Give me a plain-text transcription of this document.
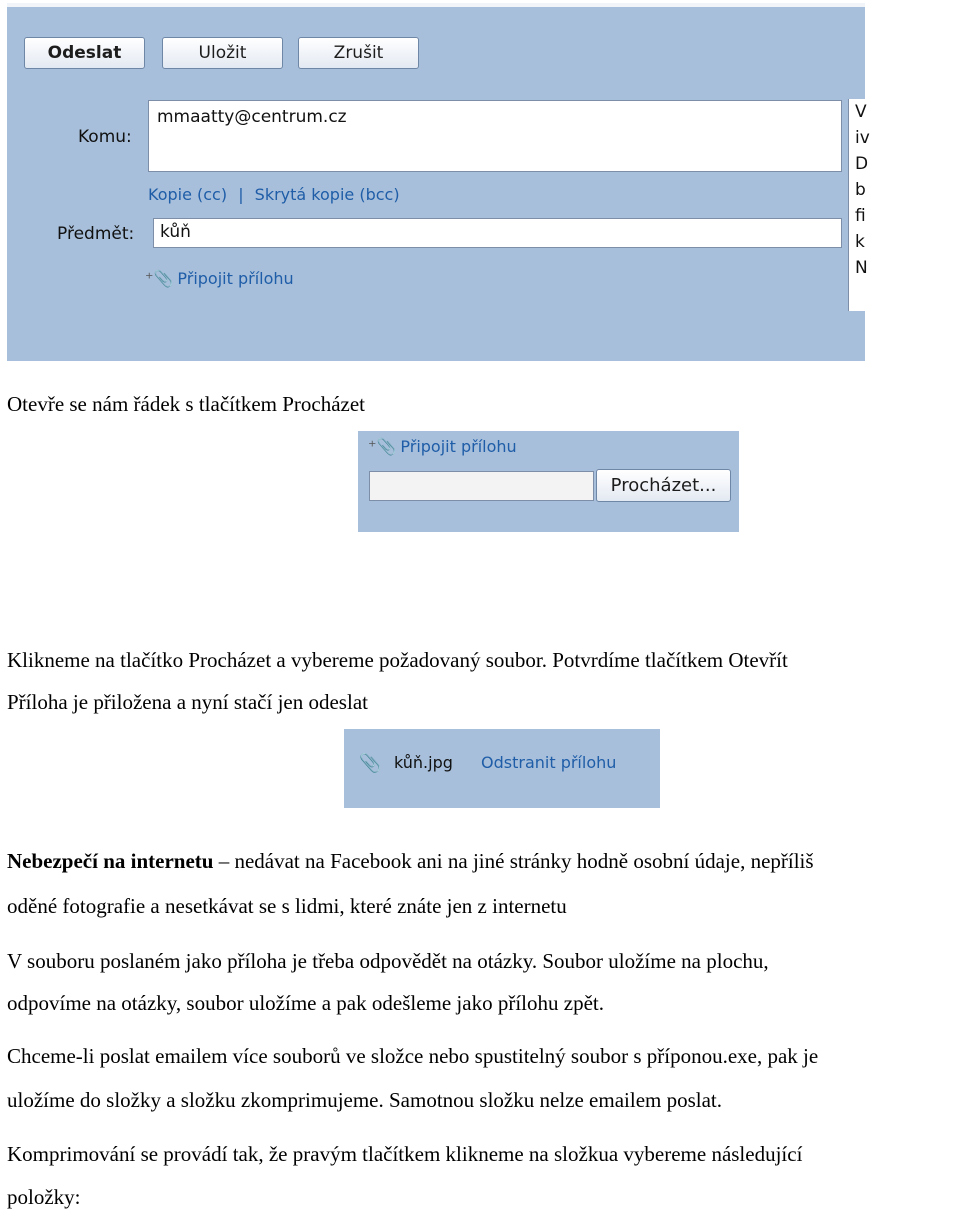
Odeslat	Uložit	Zrušit
Komu:
mmaatty@centrum.cz
Kopie (cc) | Skrytá kopie (bcc)
Předmět:	kůň
⁺📎 Připojit přílohu
V
iv
D
b
fi
k
N
Otevře se nám řádek s tlačítkem Procházet
⁺📎 Připojit přílohu
Procházet...
Klikneme na tlačítko Procházet a vybereme požadovaný soubor. Potvrdíme tlačítkem Otevřít
Příloha je přiložena a nyní stačí jen odeslat
📎 kůň.jpg Odstranit přílohu
Nebezpečí na internetu – nedávat na Facebook ani na jiné stránky hodně osobní údaje, nepříliš
oděné fotografie a nesetkávat se s lidmi, které znáte jen z internetu
V souboru poslaném jako příloha je třeba odpovědět na otázky. Soubor uložíme na plochu,
odpovíme na otázky, soubor uložíme a pak odešleme jako přílohu zpět.
Chceme-li poslat emailem více souborů ve složce nebo spustitelný soubor s příponou.exe, pak je
uložíme do složky a složku zkomprimujeme. Samotnou složku nelze emailem poslat.
Komprimování se provádí tak, že pravým tlačítkem klikneme na složkua vybereme následující
položky:
